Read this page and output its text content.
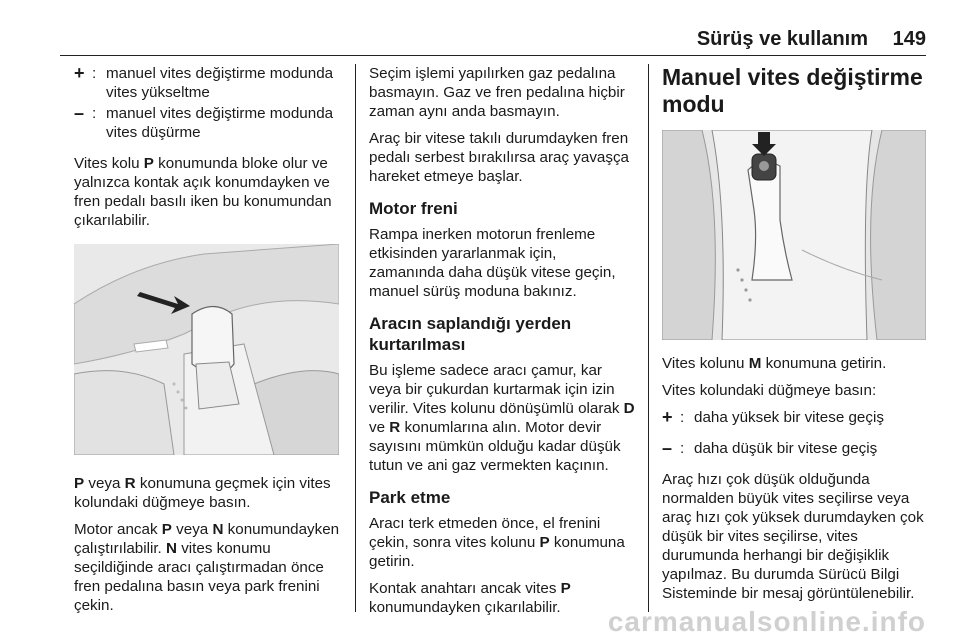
Sürüş ve kullanım 149
+ : manuel vites değiştirme modunda vites yükseltme
– : manuel vites değiştirme modunda vites düşürme

Vites kolu P konumunda bloke olur ve yalnızca kontak açık konumdayken ve fren pedalı basılı iken bu konumundan çıkarılabilir.

P veya R konumuna geçmek için vites kolundaki düğmeye basın.

Motor ancak P veya N konumundayken çalıştırılabilir. N vites konumu seçildiğinde aracı çalıştırmadan önce fren pedalına basın veya park frenini çekin.

Seçim işlemi yapılırken gaz pedalına basmayın. Gaz ve fren pedalına hiçbir zaman aynı anda basmayın.

Araç bir vitese takılı durumdayken fren pedalı serbest bırakılırsa araç yavaşça hareket etmeye başlar.

Motor freni

Rampa inerken motorun frenleme etkisinden yararlanmak için, zamanında daha düşük vitese geçin, manuel sürüş moduna bakınız.

Aracın saplandığı yerden kurtarılması

Bu işleme sadece aracı çamur, kar veya bir çukurdan kurtarmak için izin verilir. Vites kolunu dönüşümlü olarak D ve R konumlarına alın. Motor devir sayısını mümkün olduğu kadar düşük tutun ve ani gaz vermekten kaçının.

Park etme

Aracı terk etmeden önce, el frenini çekin, sonra vites kolunu P konumuna getirin.

Kontak anahtarı ancak vites P konumundayken çıkarılabilir.

Manuel vites değiştirme modu

Vites kolunu M konumuna getirin.

Vites kolundaki düğmeye basın:

+ : daha yüksek bir vitese geçiş
– : daha düşük bir vitese geçiş

Araç hızı çok düşük olduğunda normalden büyük vites seçilirse veya araç hızı çok yüksek durumdayken çok düşük bir vites seçilirse, vites durumunda herhangi bir değişiklik yapılmaz. Bu durumda Sürücü Bilgi Sisteminde bir mesaj görüntülenebilir.

carmanualsonline.info
